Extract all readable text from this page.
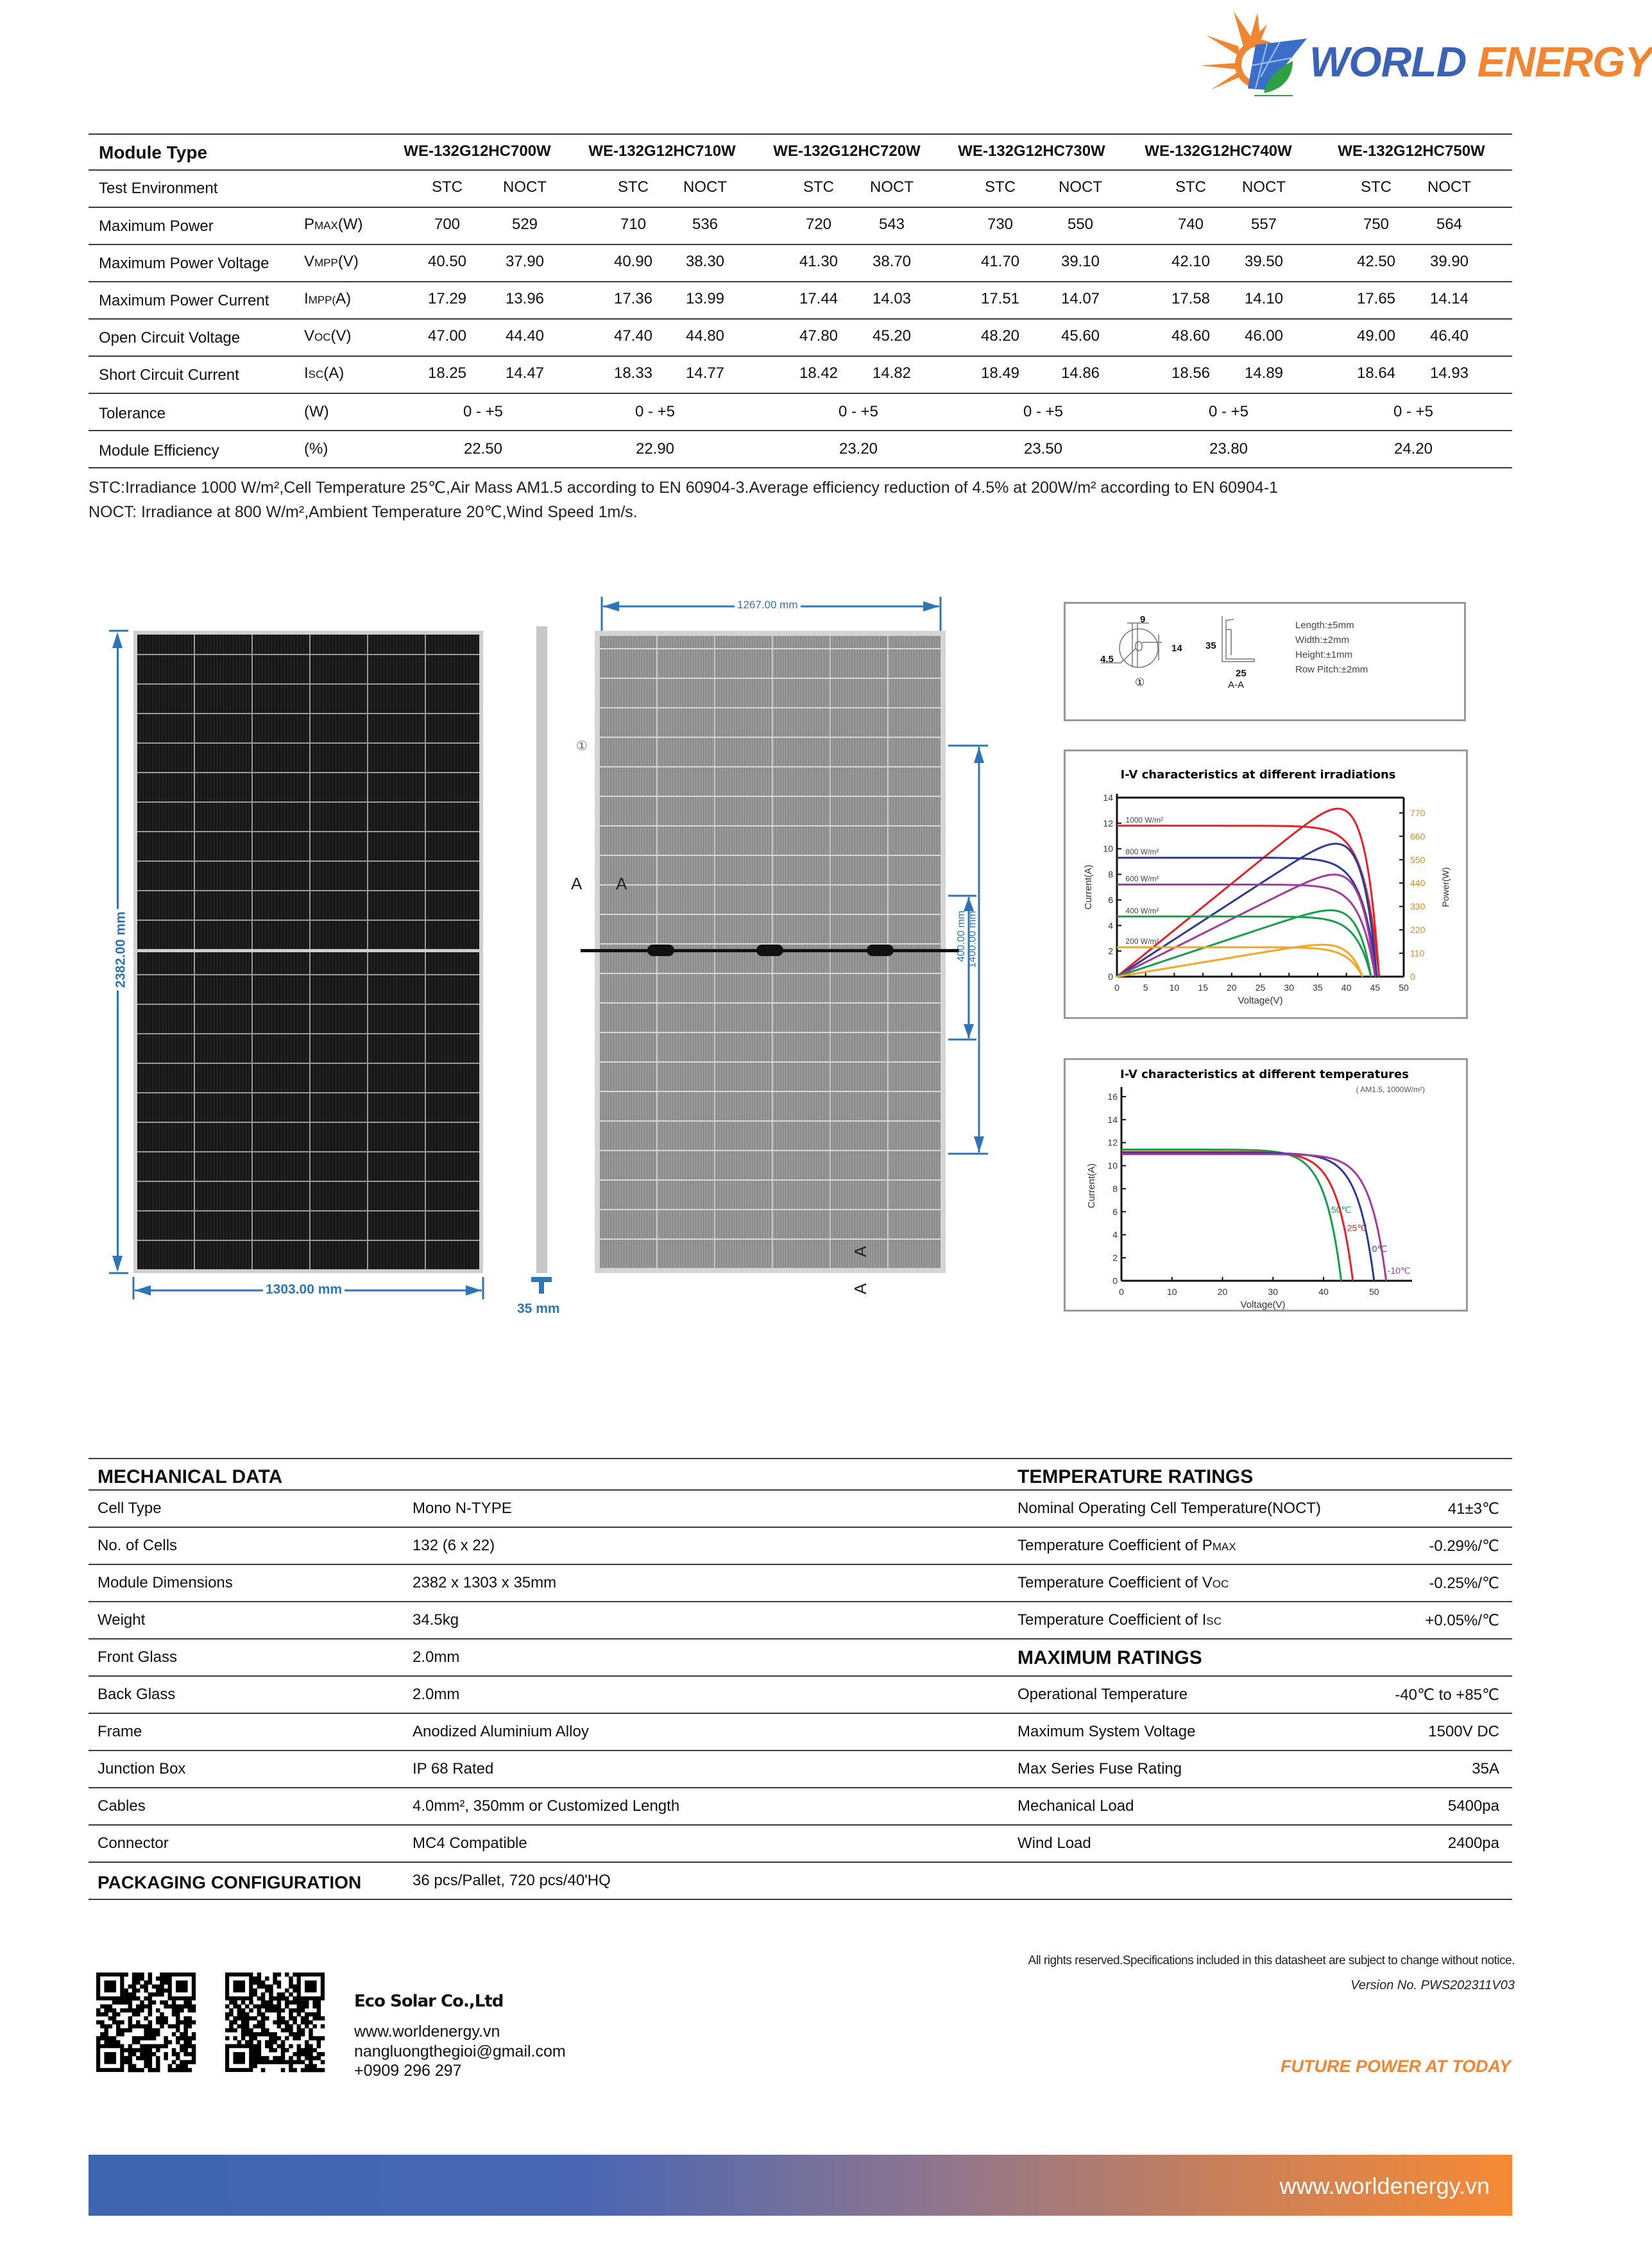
WORLD ENERGY
Module Type	WE-132G12HC700W WE-132G12HC710W WE-132G12HC720W WE-132G12HC730W	WE-132G12HC740W	WE-132G12HC750W
Test Environment	STC	NOCT	STC NOCT	STC NOCT	STC	NOCT	STC NOCT	STC NOCT
Maximum Power	PMAX(W)	700	529	710	536	720	543	730	550	740	557	750	564
Maximum Power Voltage VMPP(V)	40.50	37.90	40.90 38.30	41.30 38.70	41.70	39.10	42.10 39.50	42.50 39.90
Maximum Power Current IMPP(A)	17.29	13.96	17.36 13.99	17.44 14.03	17.51	14.07	17.58 14.10	17.65 14.14
Open Circuit Voltage	VOC(V)	47.00	44.40	47.40 44.80	47.80 45.20	48.20	45.60	48.60 46.00	49.00 46.40
Short Circuit Current	ISC(A)	18.25	14.47	18.33 14.77	18.42 14.82	18.49	14.86	18.56 14.89	18.64 14.93
Tolerance	(W)	0 - +5	0 - +5	0 - +5	0 - +5	0 - +5	0 - +5
Module Efficiency	(%)	22.50	22.90	23.20	23.50	23.80	24.20
STC:Irradiance 1000 W/m²,Cell Temperature 25℃,Air Mass AM1.5 according to EN 60904-3.Average efficiency reduction of 4.5% at 200W/m² according to EN 60904-1
NOCT: Irradiance at 800 W/m²,Ambient Temperature 20℃,Wind Speed 1m/s.
2382.00 mm
1303.00 mm
35 mm
1267.00 mm
400.00 mm 1400.00 mm
A A
A
A
①
9
14
4.5
①
35
25
A-A
Length:±5mm
Width:±2mm
Height:±1mm
Row Pitch:±2mm
I-V characteristics at different irradiations
0	5 10 15 20 25 30 35 40 45 50
0
2
4
6
8
10
12
14
Voltage(V)
Current(A)
0
110
220
330
440
550
660
770
Power(W)
1000 W/m²
800 W/m²
600 W/m²
400 W/m²
200 W/m²
I-V characteristics at different temperatures
( AM1.5, 1000W/m²)
0	10	20	30	40	50
0
2
4
6
8
10
12
14
16
Voltage(V)
Current(A)
50℃
25℃
0℃
-10℃
MECHANICAL DATA	TEMPERATURE RATINGS
Cell Type	Mono N-TYPE
No. of Cells	132 (6 x 22)
Module Dimensions	2382 x 1303 x 35mm
Weight	34.5kg
Front Glass	2.0mm
Back Glass	2.0mm
Frame	Anodized Aluminium Alloy
Junction Box	IP 68 Rated
Cables	4.0mm², 350mm or Customized Length
Connector	MC4 Compatible
PACKAGING CONFIGURATION	36 pcs/Pallet, 720 pcs/40'HQ
Nominal Operating Cell Temperature(NOCT)	41±3℃
Temperature Coefficient of PMAX	-0.29%/℃
Temperature Coefficient of VOC	-0.25%/℃
Temperature Coefficient of ISC	+0.05%/℃
MAXIMUM RATINGS
Operational Temperature	-40℃ to +85℃
Maximum System Voltage	1500V DC
Max Series Fuse Rating	35A
Mechanical Load	5400pa
Wind Load	2400pa
All rights reserved.Specifications included in this datasheet are subject to change without notice.
Version No. PWS202311V03
Eco Solar Co.,Ltd
www.worldenergy.vn
nangluongthegioi@gmail.com
+0909 296 297	FUTURE POWER AT TODAY
www.worldenergy.vn
